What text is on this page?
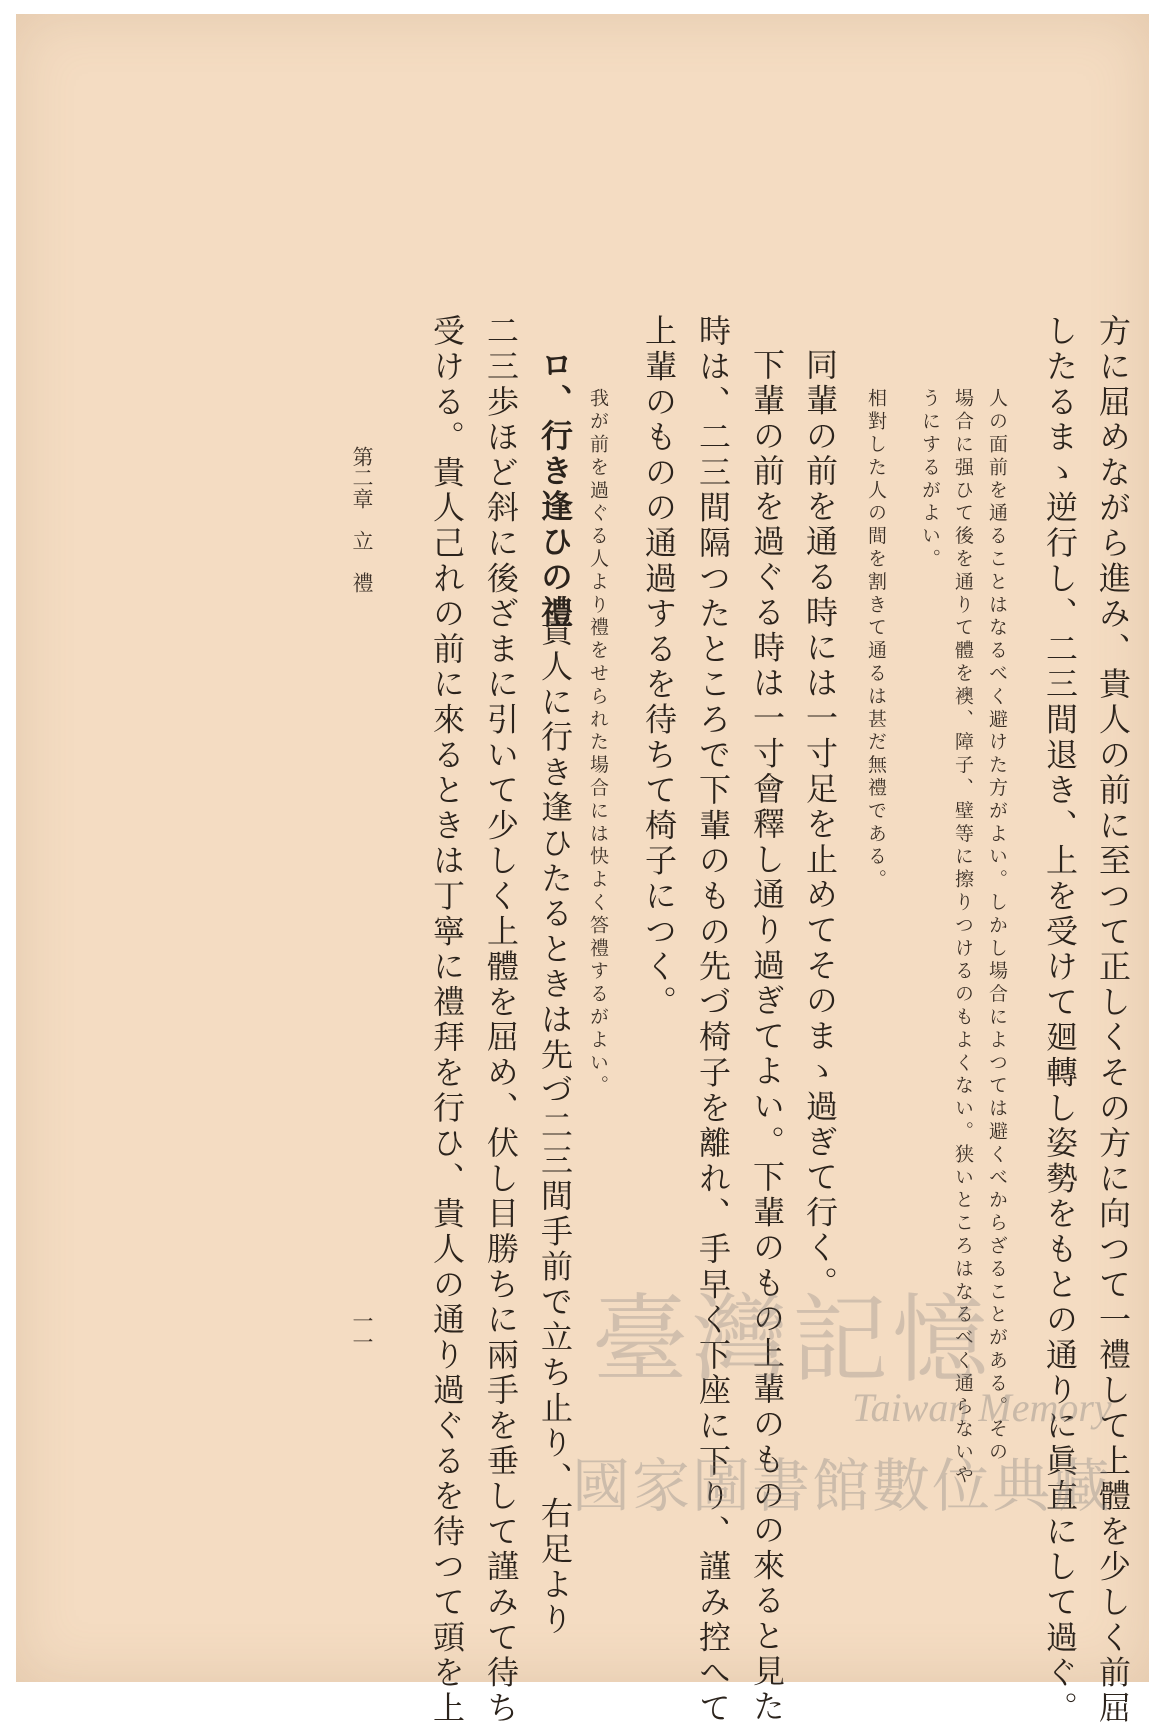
方に屈めながら進み、貴人の前に至つて正しくその方に向つて一禮して上體を少しく前屈
したるまゝ逆行し、二三間退き、上を受けて廻轉し姿勢をもとの通りに眞直にして過ぐ。
人の面前を通ることはなるべく避けた方がよい。しかし場合によつては避くべからざることがある。その
場合に强ひて後を通りて體を襖、障子、壁等に擦りつけるのもよくない。狭いところはなるべく通らないや
うにするがよい。
相對した人の間を割きて通るは甚だ無禮である。
同輩の前を通る時には一寸足を止めてそのまゝ過ぎて行く。
下輩の前を過ぐる時は一寸會釋し通り過ぎてよい。下輩のもの上輩のものの來ると見た
時は、二三間隔つたところで下輩のもの先づ椅子を離れ、手早く下座に下り、謹み控へて
上輩のものの通過するを待ちて椅子につく。
我が前を過ぐる人より禮をせられた場合には快よく答禮するがよい。
ロ、行き逢ひの禮
貴人に行き逢ひたるときは先づ二三間手前で立ち止り、右足より
二三歩ほど斜に後ざまに引いて少しく上體を屈め、伏し目勝ちに兩手を垂して謹みて待ち
受ける。貴人己れの前に來るときは丁寧に禮拜を行ひ、貴人の通り過ぐるを待つて頭を上
第二章　立　禮
一一 臺灣記憶
Taiwan Memory
國家圖書館數位典藏
